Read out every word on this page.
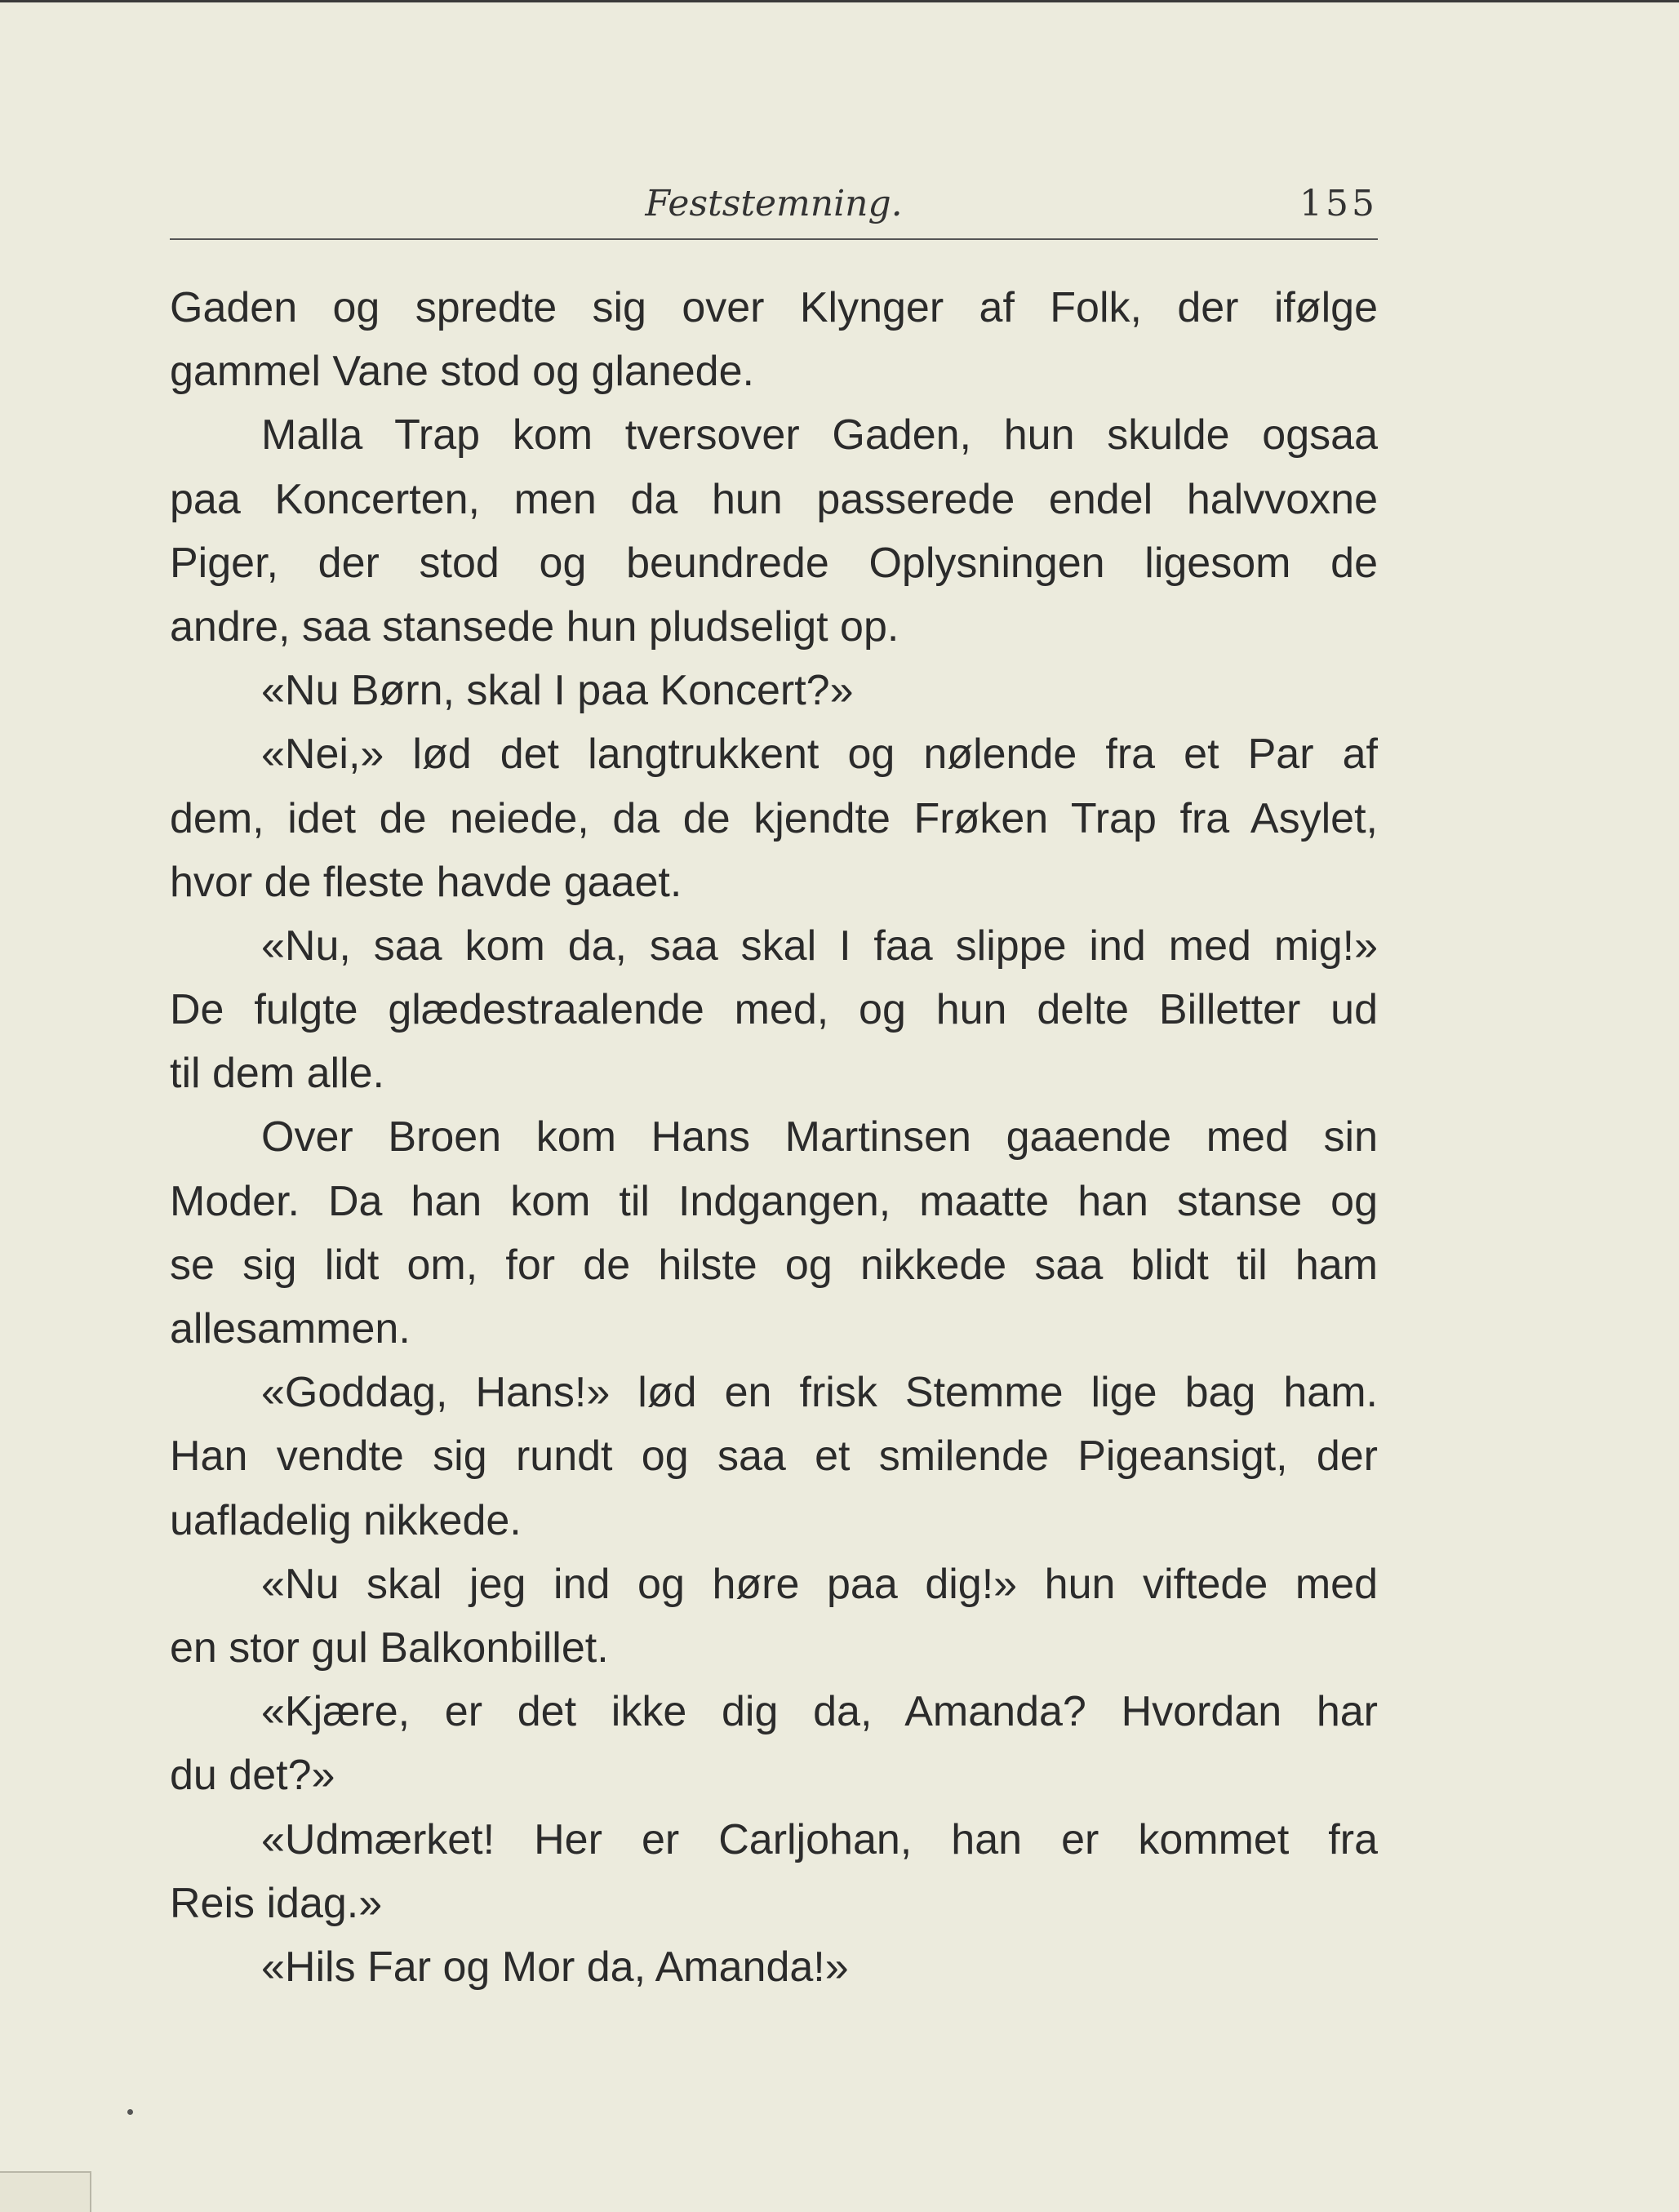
Feststemning.	155
Gaden og spredte sig over Klynger af Folk, der ifølge
gammel Vane stod og glanede.
Malla Trap kom tversover Gaden, hun skulde ogsaa
paa Koncerten, men da hun passerede endel halvvoxne
Piger, der stod og beundrede Oplysningen ligesom de
andre, saa stansede hun pludseligt op.
«Nu Børn, skal I paa Koncert?»
«Nei,» lød det langtrukkent og nølende fra et Par af
dem, idet de neiede, da de kjendte Frøken Trap fra Asylet,
hvor de fleste havde gaaet.
«Nu, saa kom da, saa skal I faa slippe ind med mig!»
De fulgte glædestraalende med, og hun delte Billetter ud
til dem alle.
Over Broen kom Hans Martinsen gaaende med sin
Moder. Da han kom til Indgangen, maatte han stanse og
se sig lidt om, for de hilste og nikkede saa blidt til ham
allesammen.
«Goddag, Hans!» lød en frisk Stemme lige bag ham.
Han vendte sig rundt og saa et smilende Pigeansigt, der
uafladelig nikkede.
«Nu skal jeg ind og høre paa dig!» hun viftede med
en stor gul Balkonbillet.
«Kjære, er det ikke dig da, Amanda? Hvordan har
du det?»
«Udmærket! Her er Carljohan, han er kommet fra
Reis idag.»
«Hils Far og Mor da, Amanda!»
